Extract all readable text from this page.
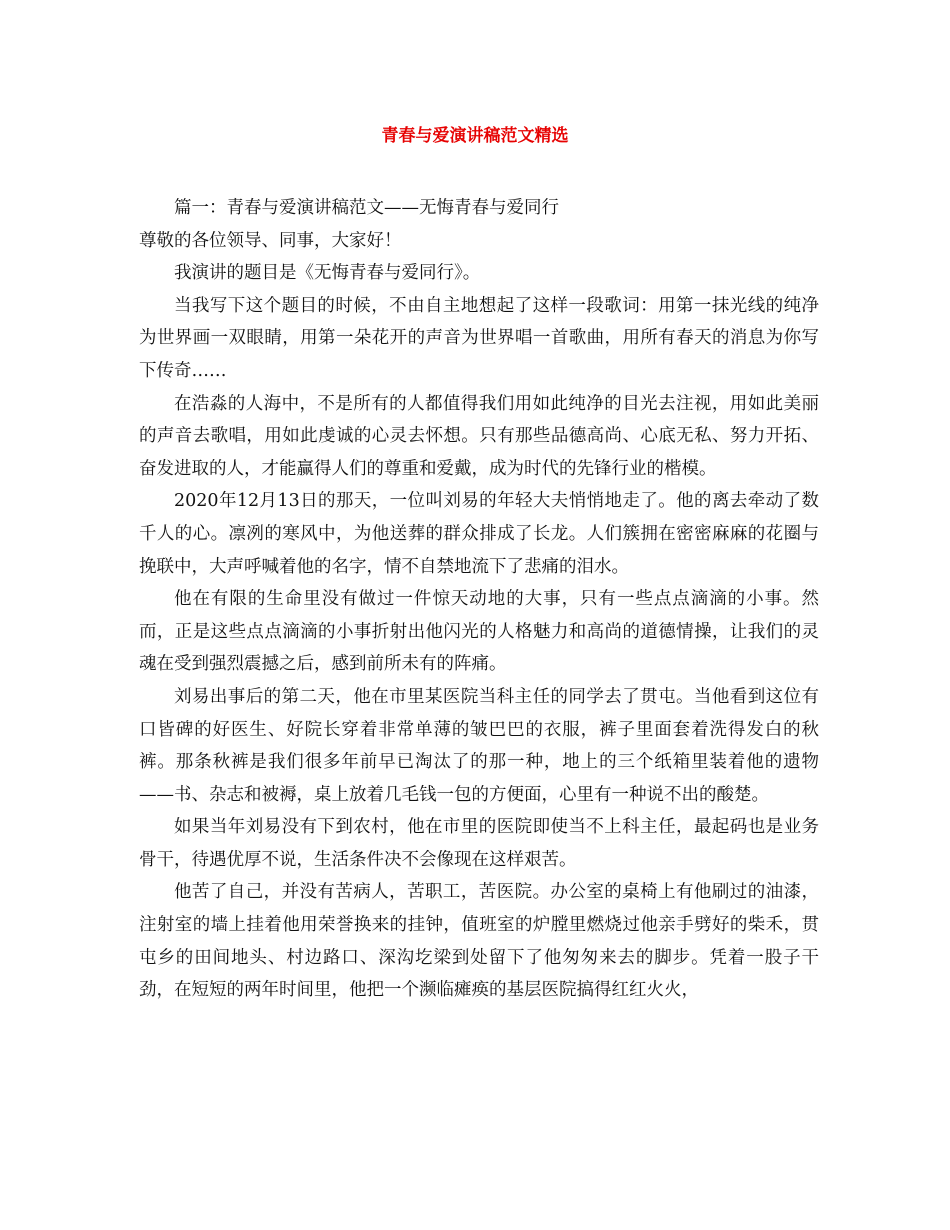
青春与爱演讲稿范文精选

篇一：青春与爱演讲稿范文——无悔青春与爱同行

尊敬的各位领导、同事，大家好！

我演讲的题目是《无悔青春与爱同行》。

当我写下这个题目的时候，不由自主地想起了这样一段歌词：用第一抹光线的纯净为世界画一双眼睛，用第一朵花开的声音为世界唱一首歌曲，用所有春天的消息为你写下传奇……

在浩淼的人海中，不是所有的人都值得我们用如此纯净的目光去注视，用如此美丽的声音去歌唱，用如此虔诚的心灵去怀想。只有那些品德高尚、心底无私、努力开拓、奋发进取的人，才能赢得人们的尊重和爱戴，成为时代的先锋行业的楷模。

2020年12月13日的那天，一位叫刘易的年轻大夫悄悄地走了。他的离去牵动了数千人的心。凛冽的寒风中，为他送葬的群众排成了长龙。人们簇拥在密密麻麻的花圈与挽联中，大声呼喊着他的名字，情不自禁地流下了悲痛的泪水。

他在有限的生命里没有做过一件惊天动地的大事，只有一些点点滴滴的小事。然而，正是这些点点滴滴的小事折射出他闪光的人格魅力和高尚的道德情操，让我们的灵魂在受到强烈震撼之后，感到前所未有的阵痛。

刘易出事后的第二天，他在市里某医院当科主任的同学去了贯屯。当他看到这位有口皆碑的好医生、好院长穿着非常单薄的皱巴巴的衣服，裤子里面套着洗得发白的秋裤。那条秋裤是我们很多年前早已淘汰了的那一种，地上的三个纸箱里装着他的遗物——书、杂志和被褥，桌上放着几毛钱一包的方便面，心里有一种说不出的酸楚。

如果当年刘易没有下到农村，他在市里的医院即使当不上科主任，最起码也是业务骨干，待遇优厚不说，生活条件决不会像现在这样艰苦。

他苦了自己，并没有苦病人，苦职工，苦医院。办公室的桌椅上有他刷过的油漆，注射室的墙上挂着他用荣誉换来的挂钟，值班室的炉膛里燃烧过他亲手劈好的柴禾，贯屯乡的田间地头、村边路口、深沟圪梁到处留下了他匆匆来去的脚步。凭着一股子干劲，在短短的两年时间里，他把一个濒临瘫痪的基层医院搞得红红火火，
